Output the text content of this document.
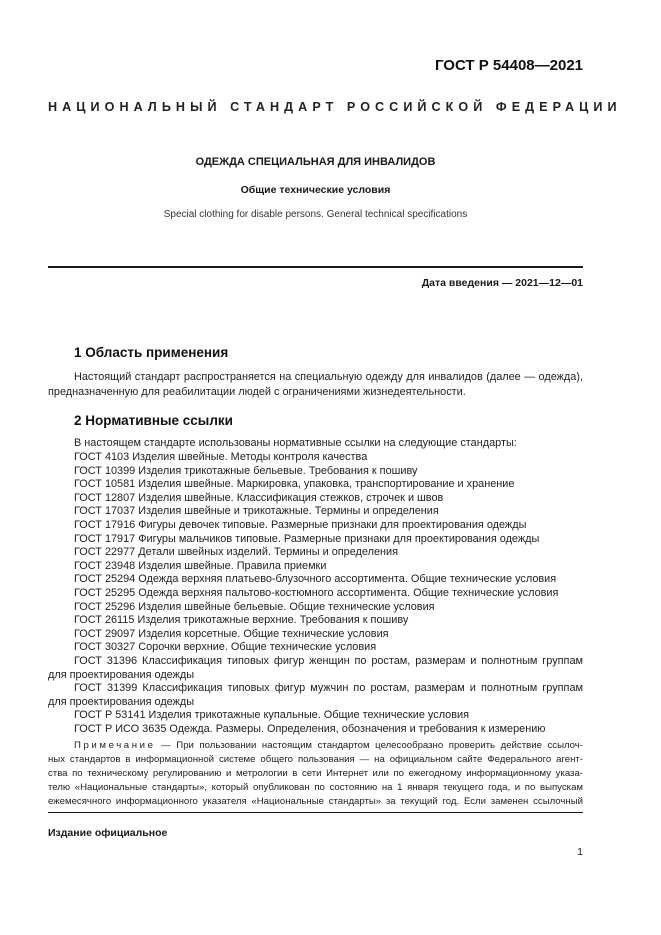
ГОСТ Р 54408—2021
НАЦИОНАЛЬНЫЙ СТАНДАРТ РОССИЙСКОЙ ФЕДЕРАЦИИ
ОДЕЖДА СПЕЦИАЛЬНАЯ ДЛЯ ИНВАЛИДОВ
Общие технические условия
Special clothing for disable persons. General technical specifications
Дата введения — 2021—12—01
1 Область применения
Настоящий стандарт распространяется на специальную одежду для инвалидов (далее — одежда),
предназначенную для реабилитации людей с ограничениями жизнедеятельности.
2 Нормативные ссылки
В настоящем стандарте использованы нормативные ссылки на следующие стандарты:
ГОСТ 4103 Изделия швейные. Методы контроля качества
ГОСТ 10399 Изделия трикотажные бельевые. Требования к пошиву
ГОСТ 10581 Изделия швейные. Маркировка, упаковка, транспортирование и хранение
ГОСТ 12807 Изделия швейные. Классификация стежков, строчек и швов
ГОСТ 17037 Изделия швейные и трикотажные. Термины и определения
ГОСТ 17916 Фигуры девочек типовые. Размерные признаки для проектирования одежды
ГОСТ 17917 Фигуры мальчиков типовые. Размерные признаки для проектирования одежды
ГОСТ 22977 Детали швейных изделий. Термины и определения
ГОСТ 23948 Изделия швейные. Правила приемки
ГОСТ 25294 Одежда верхняя платьево-блузочного ассортимента. Общие технические условия
ГОСТ 25295 Одежда верхняя пальтово-костюмного ассортимента. Общие технические условия
ГОСТ 25296 Изделия швейные бельевые. Общие технические условия
ГОСТ 26115 Изделия трикотажные верхние. Требования к пошиву
ГОСТ 29097 Изделия корсетные. Общие технические условия
ГОСТ 30327 Сорочки верхние. Общие технические условия
ГОСТ 31396 Классификация типовых фигур женщин по ростам, размерам и полнотным группам
для проектирования одежды
ГОСТ 31399 Классификация типовых фигур мужчин по ростам, размерам и полнотным группам
для проектирования одежды
ГОСТ Р 53141 Изделия трикотажные купальные. Общие технические условия
ГОСТ Р ИСО 3635 Одежда. Размеры. Определения, обозначения и требования к измерению
Примечание — При пользовании настоящим стандартом целесообразно проверить действие ссылоч-
ных стандартов в информационной системе общего пользования — на официальном сайте Федерального агент-
ства по техническому регулированию и метрологии в сети Интернет или по ежегодному информационному указа-
телю «Национальные стандарты», который опубликован по состоянию на 1 января текущего года, и по выпускам
ежемесячного информационного указателя «Национальные стандарты» за текущий год. Если заменен ссылочный
Издание официальное
1
